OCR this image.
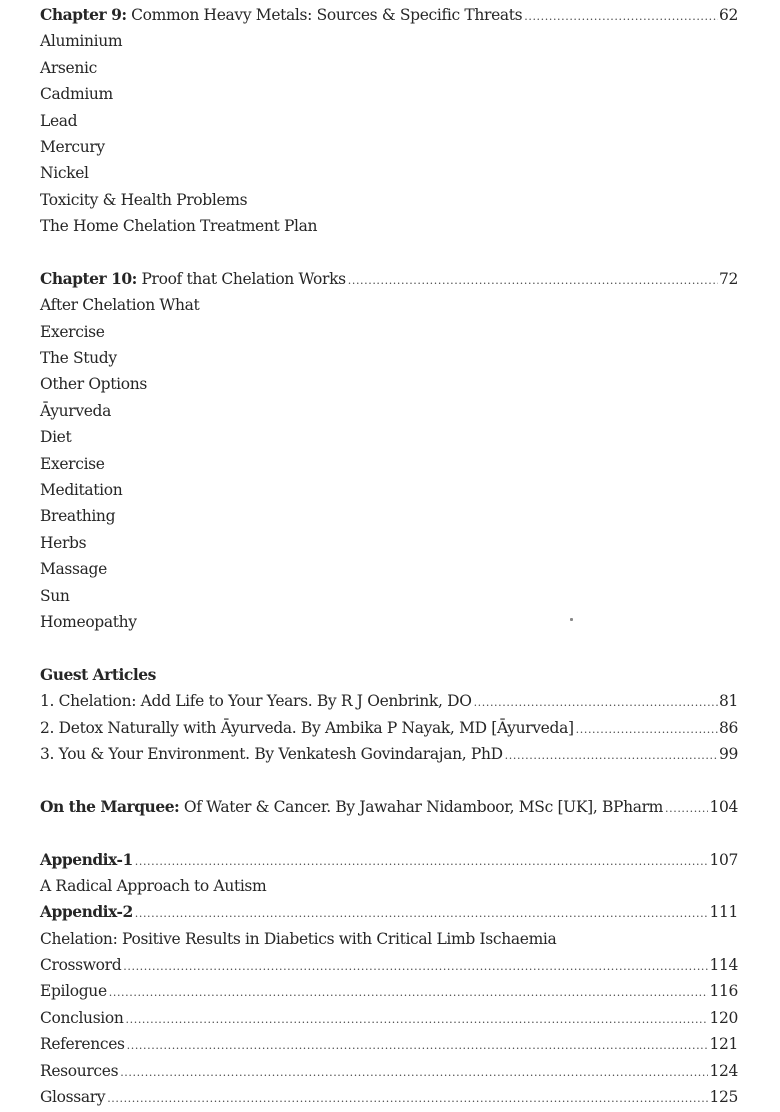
Chapter 9: Common Heavy Metals: Sources & Specific Threats .....	62
Aluminium
Arsenic
Cadmium
Lead
Mercury
Nickel
Toxicity & Health Problems
The Home Chelation Treatment Plan
Chapter 10: Proof that Chelation Works .....	72
After Chelation What
Exercise
The Study
Other Options
Āyurveda
Diet
Exercise
Meditation
Breathing
Herbs
Massage
Sun
Homeopathy
Guest Articles
1. Chelation: Add Life to Your Years. By R J Oenbrink, DO .....	81
2. Detox Naturally with Āyurveda. By Ambika P Nayak, MD [Āyurveda] .....	86
3. You & Your Environment. By Venkatesh Govindarajan, PhD .....	99
On the Marquee: Of Water & Cancer. By Jawahar Nidamboor, MSc [UK], BPharm .....	104
Appendix-1 .....	107
A Radical Approach to Autism
Appendix-2 .....	111
Chelation: Positive Results in Diabetics with Critical Limb Ischaemia
Crossword .....	114
Epilogue .....	116
Conclusion .....	120
References .....	121
Resources .....	124
Glossary .....	125
